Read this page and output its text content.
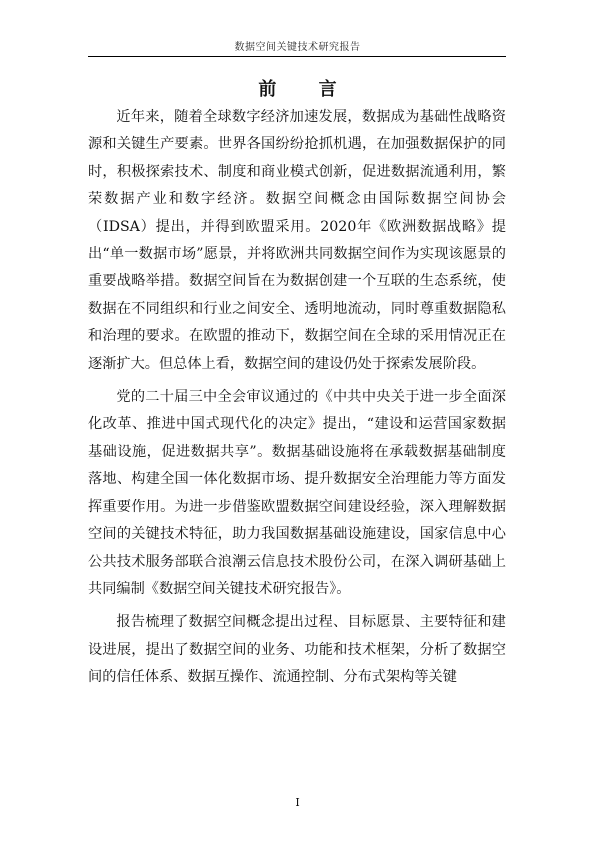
数据空间关键技术研究报告
前 言

近年来，随着全球数字经济加速发展，数据成为基础性战略资源和关键生产要素。世界各国纷纷抢抓机遇，在加强数据保护的同时，积极探索技术、制度和商业模式创新，促进数据流通利用，繁荣数据产业和数字经济。数据空间概念由国际数据空间协会（IDSA）提出，并得到欧盟采用。2020年《欧洲数据战略》提出“单一数据市场”愿景，并将欧洲共同数据空间作为实现该愿景的重要战略举措。数据空间旨在为数据创建一个互联的生态系统，使数据在不同组织和行业之间安全、透明地流动，同时尊重数据隐私和治理的要求。在欧盟的推动下，数据空间在全球的采用情况正在逐渐扩大。但总体上看，数据空间的建设仍处于探索发展阶段。

党的二十届三中全会审议通过的《中共中央关于进一步全面深化改革、推进中国式现代化的决定》提出，“建设和运营国家数据基础设施，促进数据共享”。数据基础设施将在承载数据基础制度落地、构建全国一体化数据市场、提升数据安全治理能力等方面发挥重要作用。为进一步借鉴欧盟数据空间建设经验，深入理解数据空间的关键技术特征，助力我国数据基础设施建设，国家信息中心公共技术服务部联合浪潮云信息技术股份公司，在深入调研基础上共同编制《数据空间关键技术研究报告》。

报告梳理了数据空间概念提出过程、目标愿景、主要特征和建设进展，提出了数据空间的业务、功能和技术框架，分析了数据空间的信任体系、数据互操作、流通控制、分布式架构等关键

I
